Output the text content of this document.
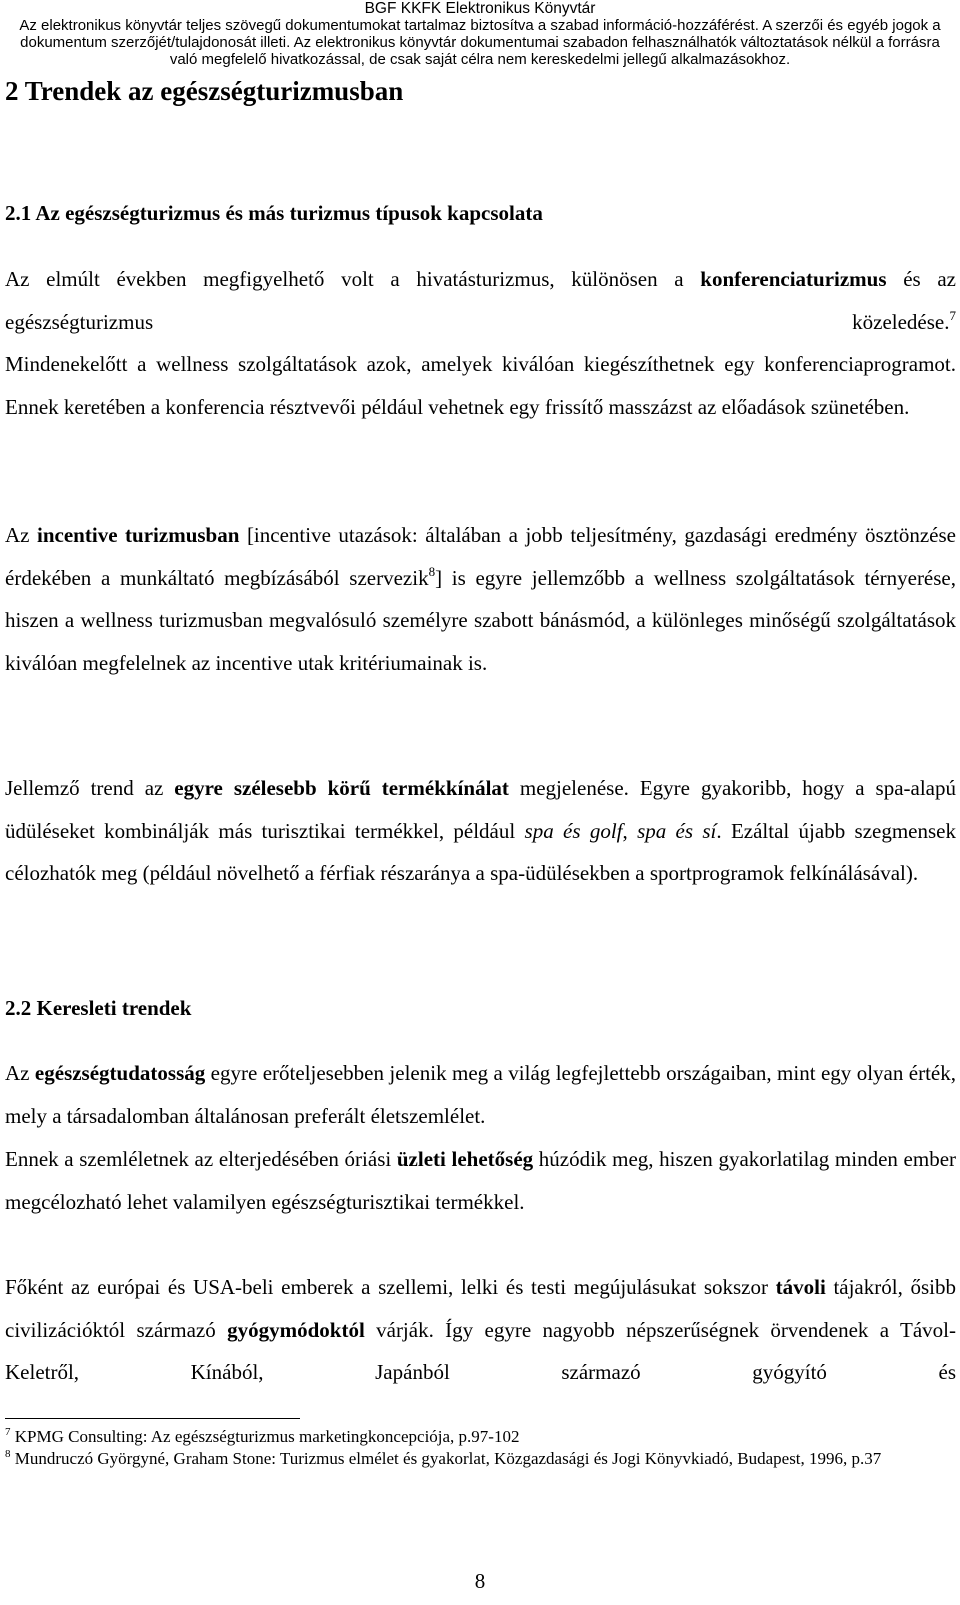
BGF KKFK Elektronikus Könyvtár
Az elektronikus könyvtár teljes szövegű dokumentumokat tartalmaz biztosítva a szabad információ-hozzáférést. A szerzői és egyéb jogok a
dokumentum szerzőjét/tulajdonosát illeti. Az elektronikus könyvtár dokumentumai szabadon felhasználhatók változtatások nélkül a forrásra
való megfelelő hivatkozással, de csak saját célra nem kereskedelmi jellegű alkalmazásokhoz.
2 Trendek az egészségturizmusban
2.1 Az egészségturizmus és más turizmus típusok kapcsolata

Az elmúlt években megfigyelhető volt a hivatásturizmus, különösen a konferenciaturizmus és az egészségturizmus közeledése.$^7$

Mindenekelőtt a wellness szolgáltatások azok, amelyek kiválóan kiegészíthetnek egy konferenciaprogramot. Ennek keretében a konferencia résztvevői például vehetnek egy frissítő masszázst az előadások szünetében.

Az incentive turizmusban [incentive utazások: általában a jobb teljesítmény, gazdasági eredmény ösztönzése érdekében a munkáltató megbízásából szervezik$^8$] is egyre jellemzőbb a wellness szolgáltatások térnyerése, hiszen a wellness turizmusban megvalósuló személyre szabott bánásmód, a különleges minőségű szolgáltatások kiválóan megfelelnek az incentive utak kritériumainak is.

Jellemző trend az egyre szélesebb körű termékkínálat megjelenése. Egyre gyakoribb, hogy a spa-alapú üdüléseket kombinálják más turisztikai termékkel, például spa és golf, spa és sí. Ezáltal újabb szegmensek célozhatók meg (például növelhető a férfiak részaránya a spa-üdülésekben a sportprogramok felkínálásával).

2.2 Keresleti trendek

Az egészségtudatosság egyre erőteljesebben jelenik meg a világ legfejlettebb országaiban, mint egy olyan érték, mely a társadalomban általánosan preferált életszemlélet.

Ennek a szemléletnek az elterjedésében óriási üzleti lehetőség húzódik meg, hiszen gyakorlatilag minden ember megcélozható lehet valamilyen egészségturisztikai termékkel.

Főként az európai és USA-beli emberek a szellemi, lelki és testi megújulásukat sokszor távoli tájakról, ősibb civilizációktól származó gyógymódoktól várják. Így egyre nagyobb népszerűségnek örvendenek a Távol-Keletről, Kínából, Japánból származó gyógyító és

$^7$ KPMG Consulting: Az egészségturizmus marketingkoncepciója, p.97-102

$^8$ Mundruczó Györgyné, Graham Stone: Turizmus elmélet és gyakorlat, Közgazdasági és Jogi Könyvkiadó, Budapest, 1996, p.37

8
